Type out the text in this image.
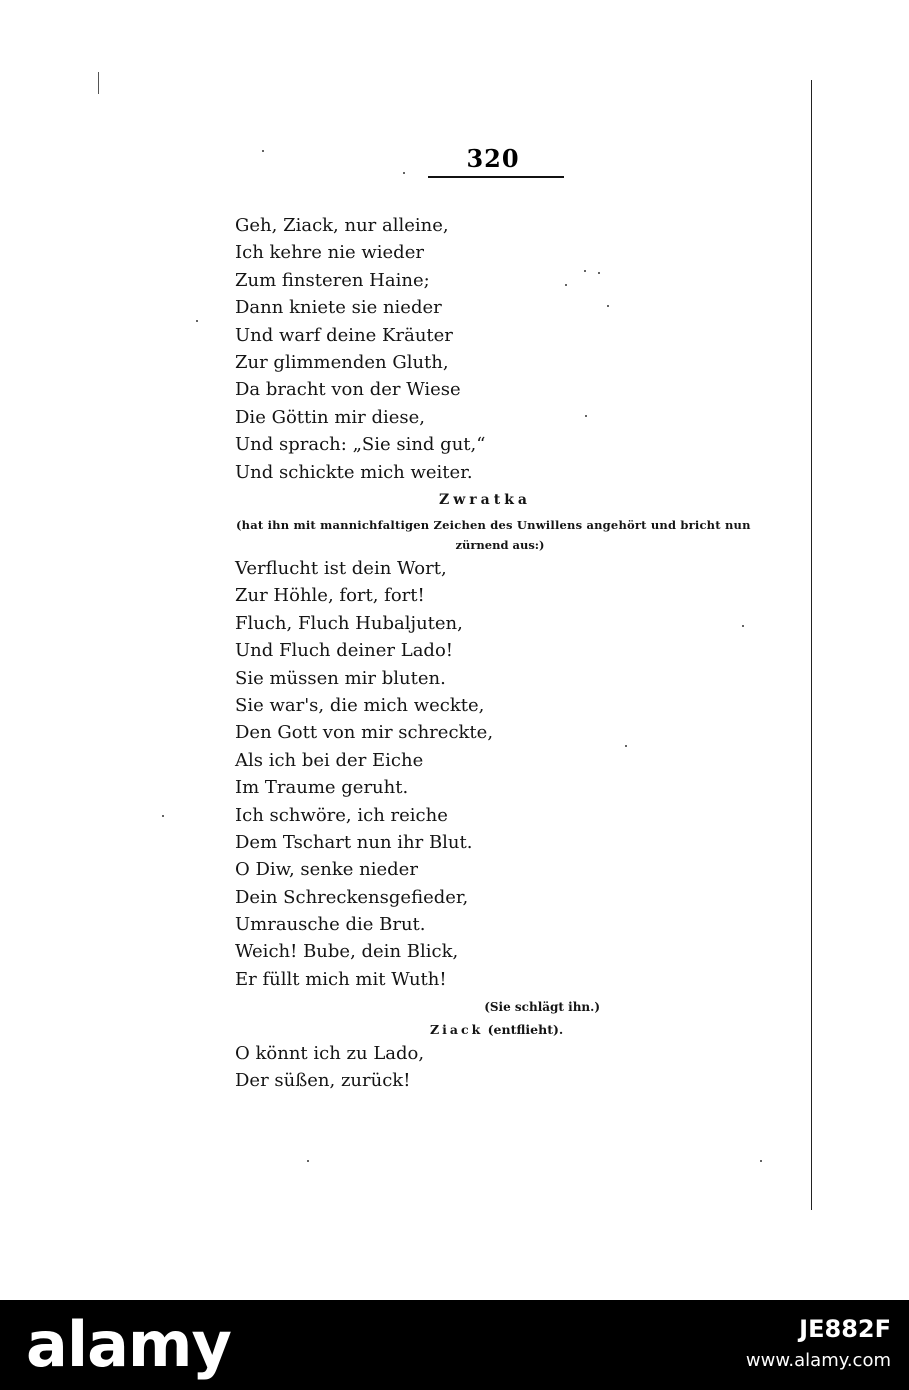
320
Geh, Ziack, nur alleine,
Ich kehre nie wieder
Zum finsteren Haine;
Dann kniete sie nieder
Und warf deine Kräuter
Zur glimmenden Gluth,
Da bracht von der Wiese
Die Göttin mir diese,
Und sprach: „Sie sind gut,“
Und schickte mich weiter.
Zwratka
(hat ihn mit mannichfaltigen Zeichen des Unwillens angehört und bricht nun
zürnend aus:)
Verflucht ist dein Wort,
Zur Höhle, fort, fort!
Fluch, Fluch Hubaljuten,
Und Fluch deiner Lado!
Sie müssen mir bluten.
Sie war's, die mich weckte,
Den Gott von mir schreckte,
Als ich bei der Eiche
Im Traume geruht.
Ich schwöre, ich reiche
Dem Tschart nun ihr Blut.
O Diw, senke nieder
Dein Schreckensgefieder,
Umrausche die Brut.
Weich! Bube, dein Blick,
Er füllt mich mit Wuth!
(Sie schlägt ihn.)
Ziack (entflieht).
O könnt ich zu Lado,
Der süßen, zurück!
alamy	JE882F
www.alamy.com
